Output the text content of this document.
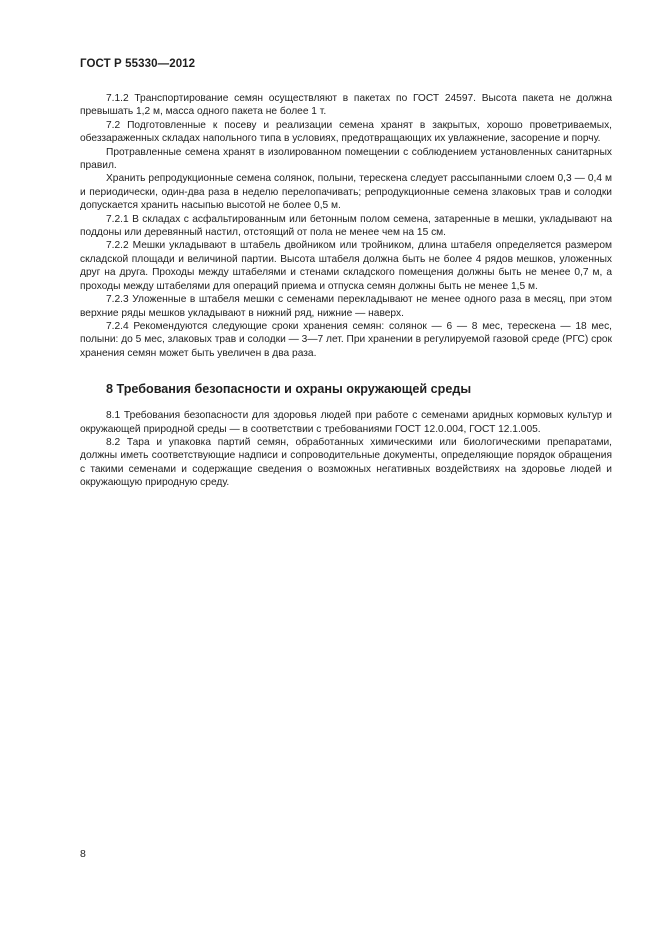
ГОСТ Р 55330—2012

7.1.2 Транспортирование семян осуществляют в пакетах по ГОСТ 24597. Высота пакета не должна превышать 1,2 м, масса одного пакета не более 1 т.

7.2 Подготовленные к посеву и реализации семена хранят в закрытых, хорошо проветриваемых, обеззараженных складах напольного типа в условиях, предотвращающих их увлажнение, засорение и порчу.

Протравленные семена хранят в изолированном помещении с соблюдением установленных санитарных правил.

Хранить репродукционные семена солянок, полыни, терескена следует рассыпанными слоем 0,3 — 0,4 м и периодически, один-два раза в неделю перелопачивать; репродукционные семена злаковых трав и солодки допускается хранить насыпью высотой не более 0,5 м.

7.2.1 В складах с асфальтированным или бетонным полом семена, затаренные в мешки, укладывают на поддоны или деревянный настил, отстоящий от пола не менее чем на 15 см.

7.2.2 Мешки укладывают в штабель двойником или тройником, длина штабеля определяется размером складской площади и величиной партии. Высота штабеля должна быть не более 4 рядов мешков, уложенных друг на друга. Проходы между штабелями и стенами складского помещения должны быть не менее 0,7 м, а проходы между штабелями для операций приема и отпуска семян должны быть не менее 1,5 м.

7.2.3 Уложенные в штабеля мешки с семенами перекладывают не менее одного раза в месяц, при этом верхние ряды мешков укладывают в нижний ряд, нижние — наверх.

7.2.4 Рекомендуются следующие сроки хранения семян: солянок — 6 — 8 мес, терескена — 18 мес, полыни: до 5 мес, злаковых трав и солодки — 3—7 лет. При хранении в регулируемой газовой среде (РГС) срок хранения семян может быть увеличен в два раза.

8 Требования безопасности и охраны окружающей среды

8.1 Требования безопасности для здоровья людей при работе с семенами аридных кормовых культур и окружающей природной среды — в соответствии с требованиями ГОСТ 12.0.004, ГОСТ 12.1.005.

8.2 Тара и упаковка партий семян, обработанных химическими или биологическими препаратами, должны иметь соответствующие надписи и сопроводительные документы, определяющие порядок обращения с такими семенами и содержащие сведения о возможных негативных воздействиях на здоровье людей и окружающую природную среду.

8
